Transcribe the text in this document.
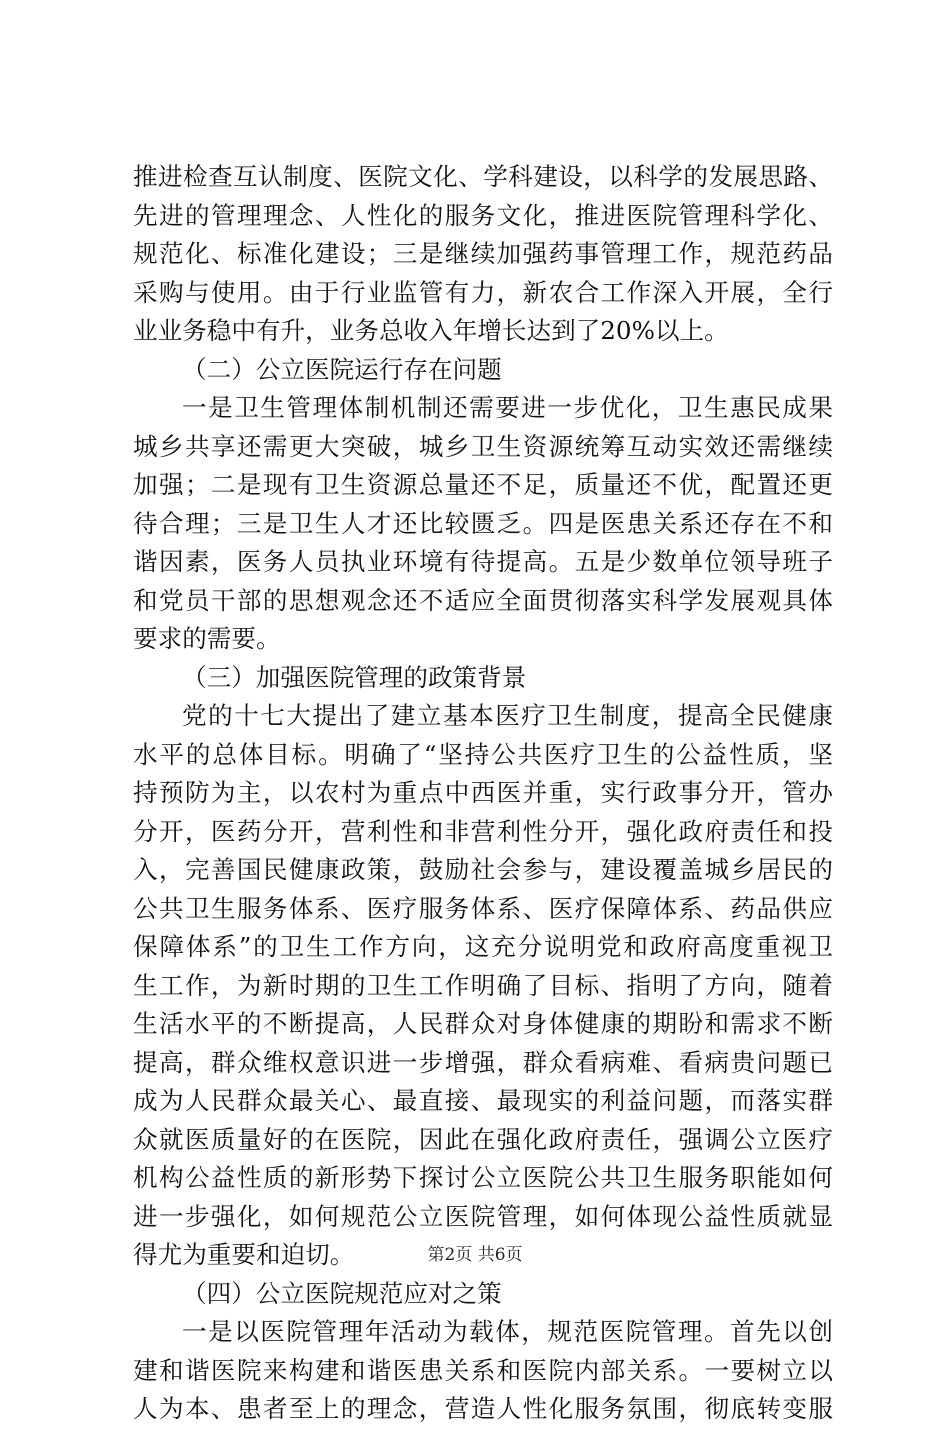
推进检查互认制度、医院文化、学科建设，以科学的发展思路、
先进的管理理念、人性化的服务文化，推进医院管理科学化、
规范化、标准化建设；三是继续加强药事管理工作，规范药品
采购与使用。由于行业监管有力，新农合工作深入开展，全行
业业务稳中有升，业务总收入年增长达到了20%以上。
（二）公立医院运行存在问题
一是卫生管理体制机制还需要进一步优化，卫生惠民成果
城乡共享还需更大突破，城乡卫生资源统筹互动实效还需继续
加强；二是现有卫生资源总量还不足，质量还不优，配置还更
待合理；三是卫生人才还比较匮乏。四是医患关系还存在不和
谐因素，医务人员执业环境有待提高。五是少数单位领导班子
和党员干部的思想观念还不适应全面贯彻落实科学发展观具体
要求的需要。
（三）加强医院管理的政策背景
党的十七大提出了建立基本医疗卫生制度，提高全民健康
水平的总体目标。明确了“坚持公共医疗卫生的公益性质，坚
持预防为主，以农村为重点中西医并重，实行政事分开，管办
分开，医药分开，营利性和非营利性分开，强化政府责任和投
入，完善国民健康政策，鼓励社会参与，建设覆盖城乡居民的
公共卫生服务体系、医疗服务体系、医疗保障体系、药品供应
保障体系”的卫生工作方向，这充分说明党和政府高度重视卫
生工作，为新时期的卫生工作明确了目标、指明了方向，随着
生活水平的不断提高，人民群众对身体健康的期盼和需求不断
提高，群众维权意识进一步增强，群众看病难、看病贵问题已
成为人民群众最关心、最直接、最现实的利益问题，而落实群
众就医质量好的在医院，因此在强化政府责任，强调公立医疗
机构公益性质的新形势下探讨公立医院公共卫生服务职能如何
进一步强化，如何规范公立医院管理，如何体现公益性质就显
得尤为重要和迫切。
（四）公立医院规范应对之策
一是以医院管理年活动为载体，规范医院管理。首先以创
建和谐医院来构建和谐医患关系和医院内部关系。一要树立以
人为本、患者至上的理念，营造人性化服务氛围，彻底转变服
第2页 共6页
